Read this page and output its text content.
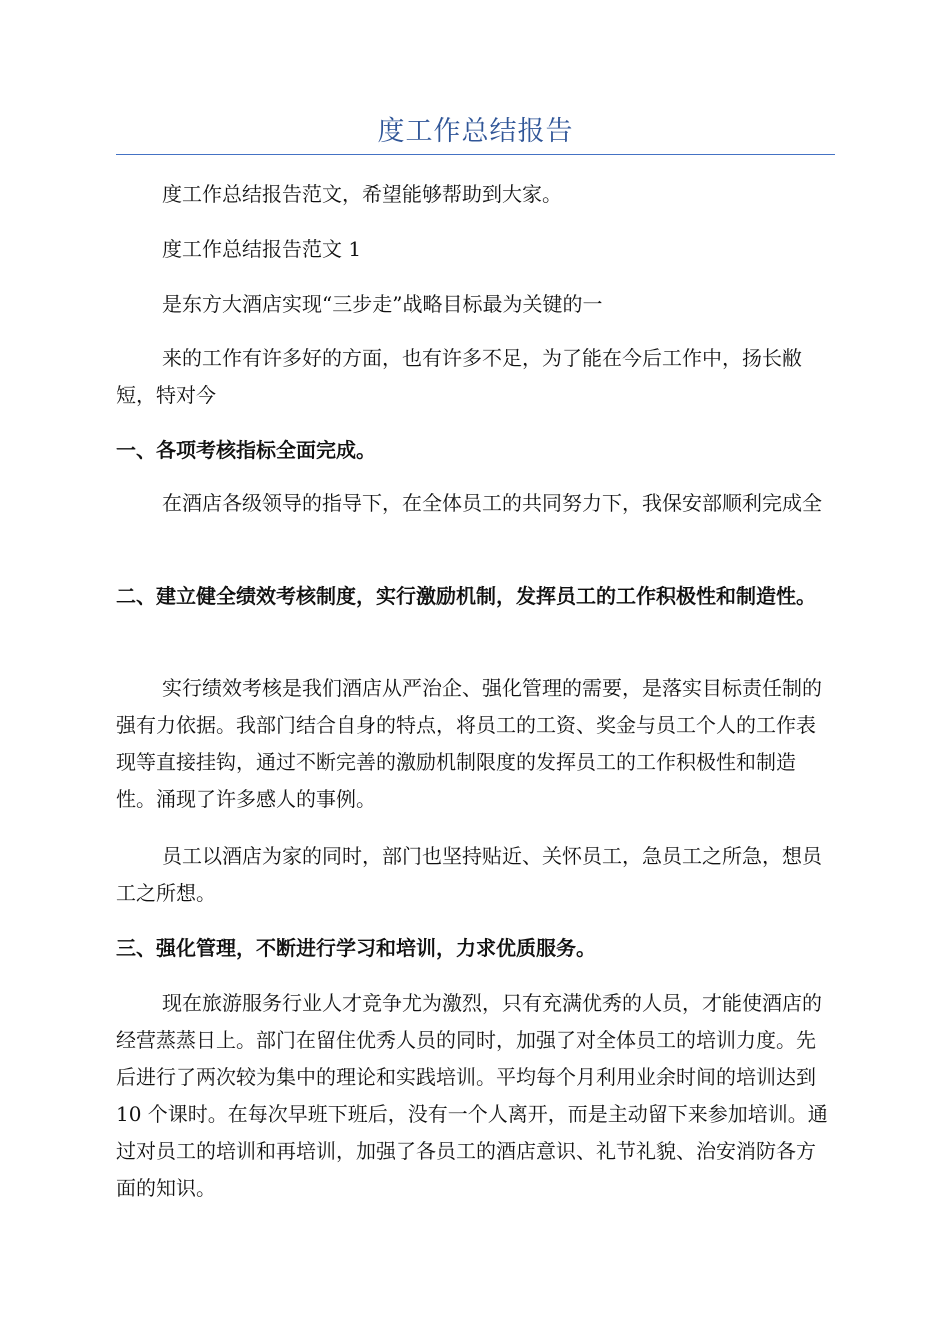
度工作总结报告

度工作总结报告范文，希望能够帮助到大家。

度工作总结报告范文 1

是东方大酒店实现“三步走”战略目标最为关键的一

来的工作有许多好的方面，也有许多不足，为了能在今后工作中，扬长敝短，特对今

一、各项考核指标全面完成。

在酒店各级领导的指导下，在全体员工的共同努力下，我保安部顺利完成全

二、建立健全绩效考核制度，实行激励机制，发挥员工的工作积极性和制造性。

实行绩效考核是我们酒店从严治企、强化管理的需要，是落实目标责任制的强有力依据。我部门结合自身的特点，将员工的工资、奖金与员工个人的工作表现等直接挂钩，通过不断完善的激励机制限度的发挥员工的工作积极性和制造性。涌现了许多感人的事例。

员工以酒店为家的同时，部门也坚持贴近、关怀员工，急员工之所急，想员工之所想。

三、强化管理，不断进行学习和培训，力求优质服务。

现在旅游服务行业人才竞争尤为激烈，只有充满优秀的人员，才能使酒店的经营蒸蒸日上。部门在留住优秀人员的同时，加强了对全体员工的培训力度。先后进行了两次较为集中的理论和实践培训。平均每个月利用业余时间的培训达到 10 个课时。在每次早班下班后，没有一个人离开，而是主动留下来参加培训。通过对员工的培训和再培训，加强了各员工的酒店意识、礼节礼貌、治安消防各方面的知识。
